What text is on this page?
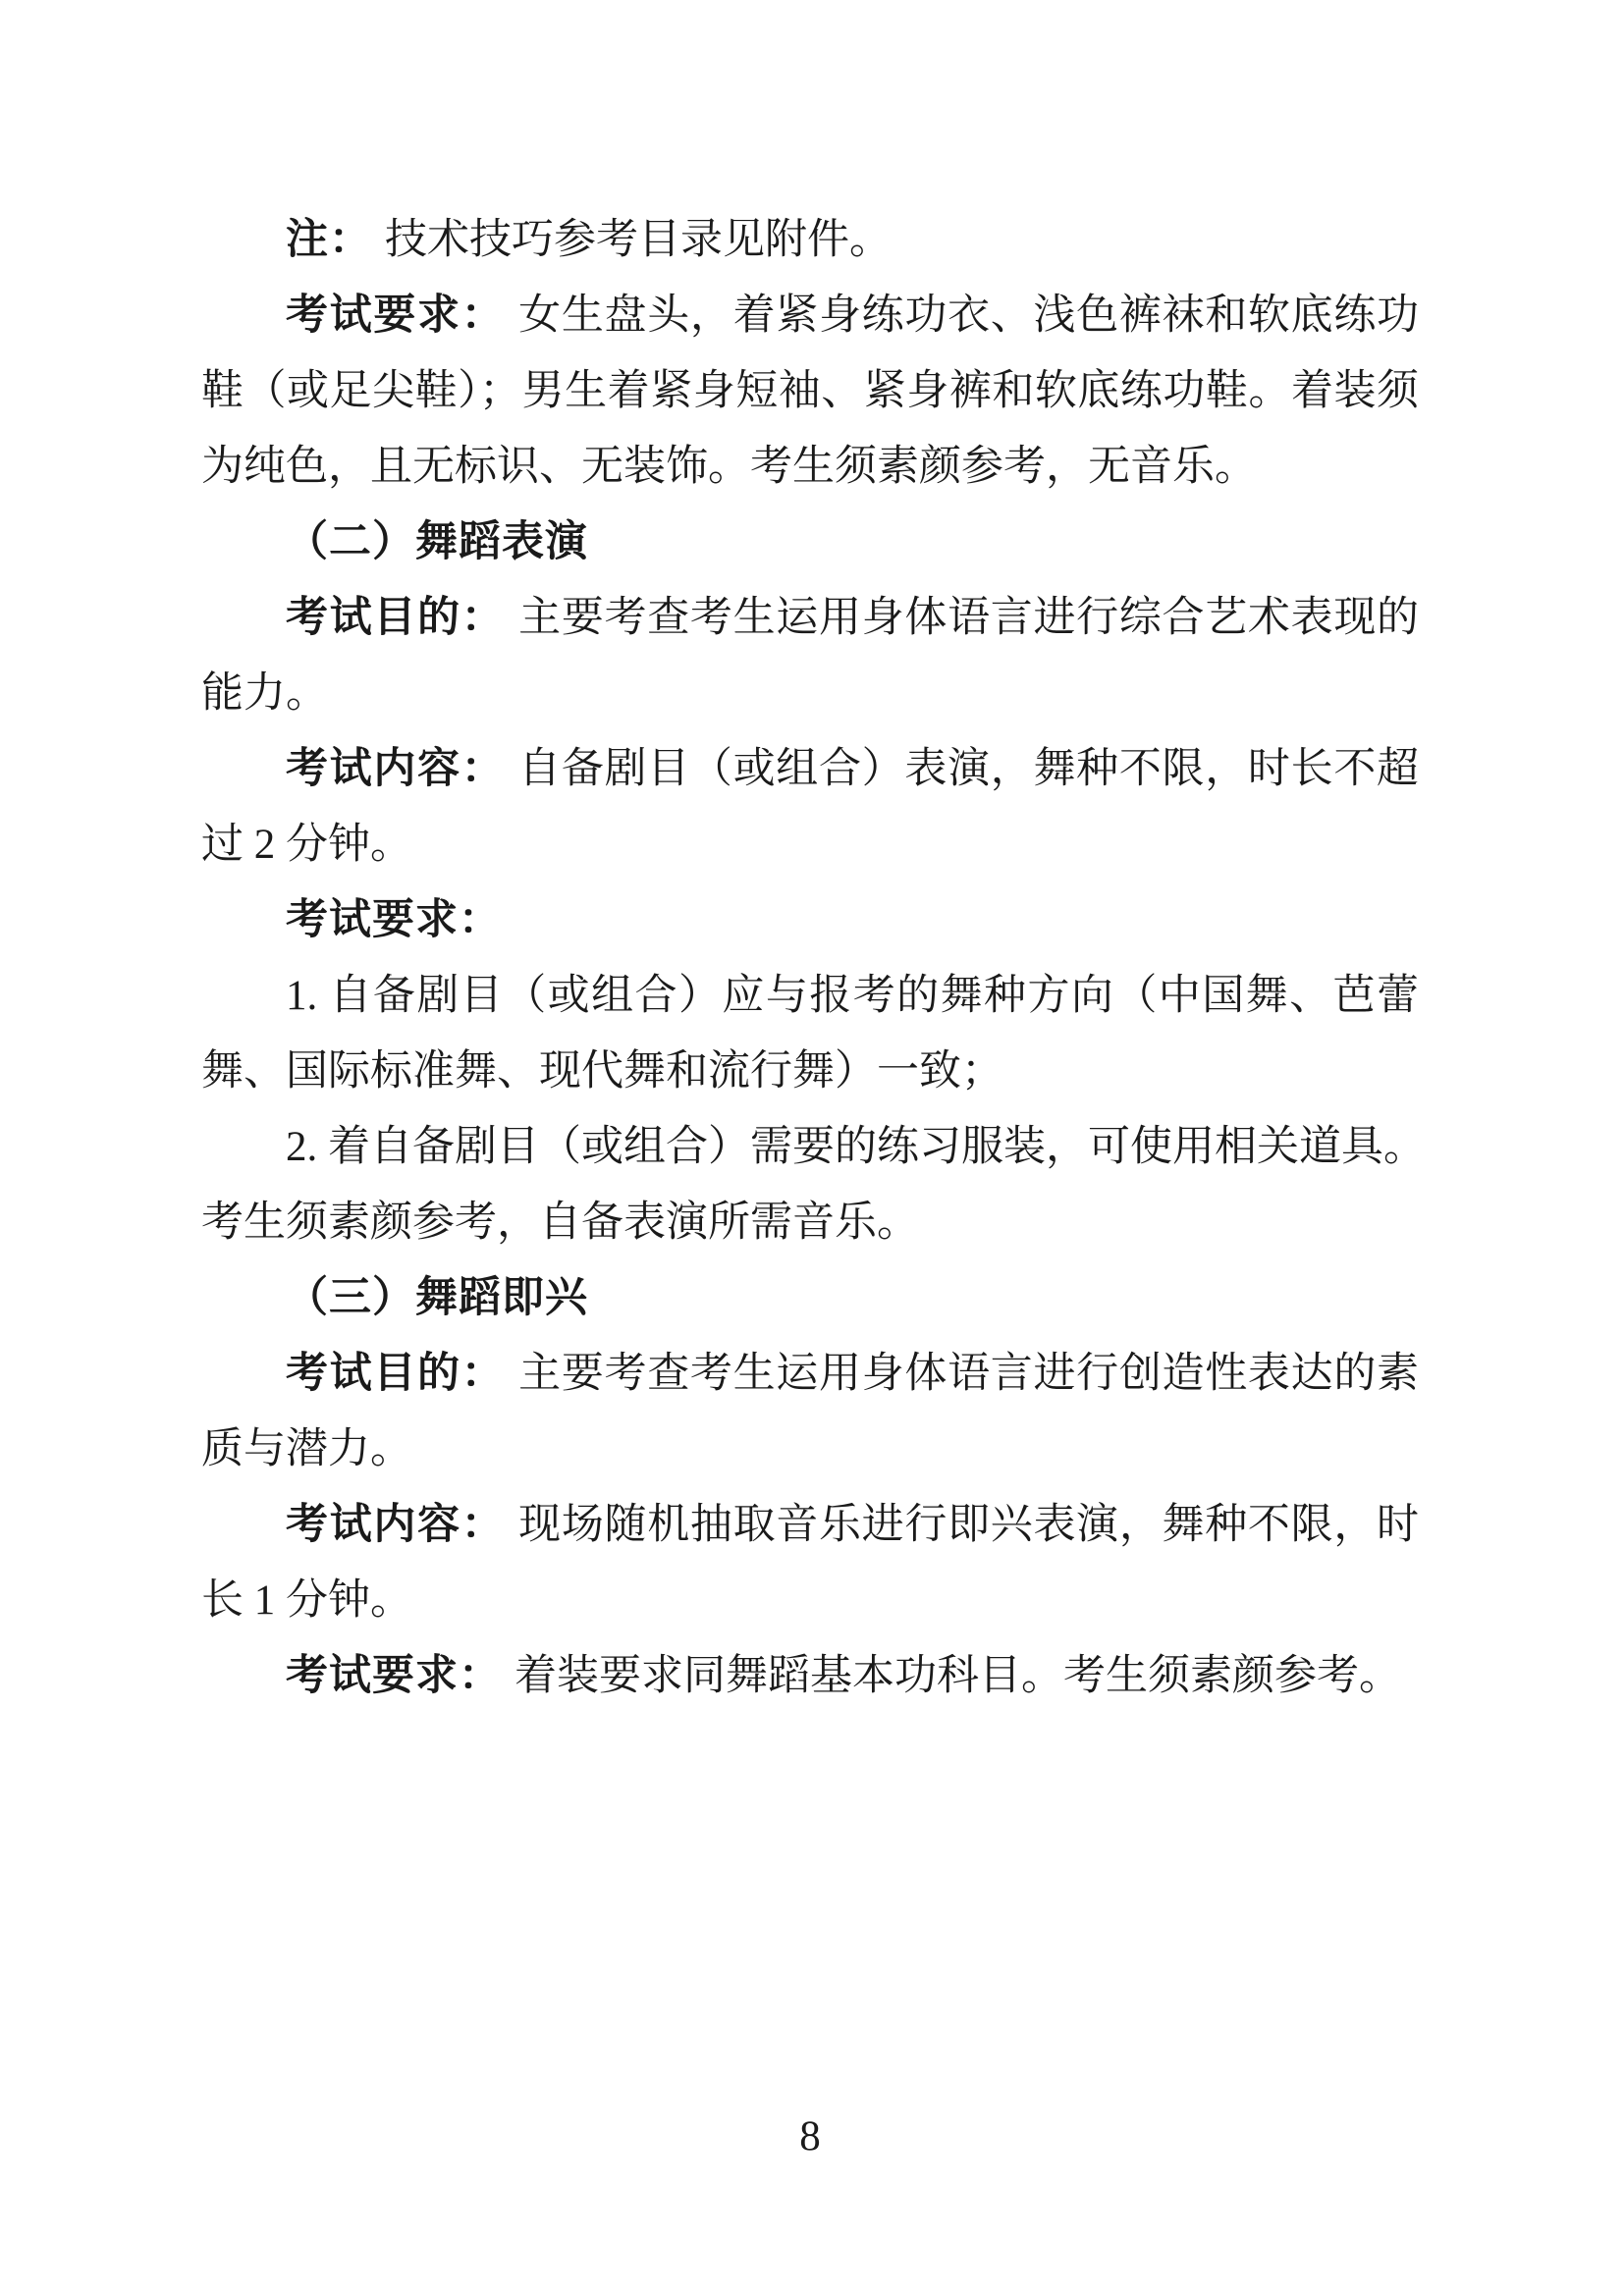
注： 技术技巧参考目录见附件。
考试要求： 女生盘头，着紧身练功衣、浅色裤袜和软底练功
鞋（或足尖鞋）；男生着紧身短袖、紧身裤和软底练功鞋。着装须
为纯色，且无标识、无装饰。考生须素颜参考，无音乐。
（二）舞蹈表演
考试目的： 主要考查考生运用身体语言进行综合艺术表现的
能力。
考试内容： 自备剧目（或组合）表演，舞种不限，时长不超
过 2 分钟。
考试要求：
1. 自备剧目（或组合）应与报考的舞种方向（中国舞、芭蕾
舞、国际标准舞、现代舞和流行舞）一致；
2. 着自备剧目（或组合）需要的练习服装，可使用相关道具。
考生须素颜参考，自备表演所需音乐。
（三）舞蹈即兴
考试目的： 主要考查考生运用身体语言进行创造性表达的素
质与潜力。
考试内容： 现场随机抽取音乐进行即兴表演，舞种不限，时
长 1 分钟。
考试要求： 着装要求同舞蹈基本功科目。考生须素颜参考。
8
